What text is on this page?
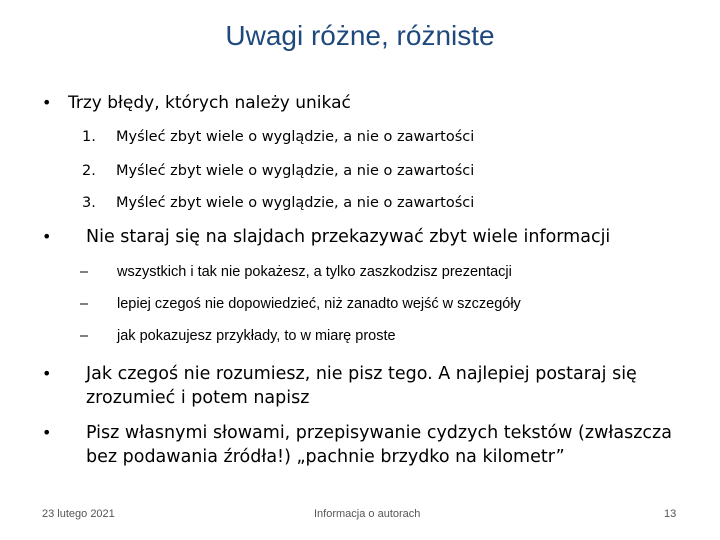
Uwagi różne, różniste
• Trzy błędy, których należy unikać
1. Myśleć zbyt wiele o wyglądzie, a nie o zawartości
2. Myśleć zbyt wiele o wyglądzie, a nie o zawartości
3. Myśleć zbyt wiele o wyglądzie, a nie o zawartości
• Nie staraj się na slajdach przekazywać zbyt wiele informacji
– wszystkich i tak nie pokażesz, a tylko zaszkodzisz prezentacji
– lepiej czegoś nie dopowiedzieć, niż zanadto wejść w szczegóły
– jak pokazujesz przykłady, to w miarę proste
• Jak czegoś nie rozumiesz, nie pisz tego. A najlepiej postaraj się
zrozumieć i potem napisz
• Pisz własnymi słowami, przepisywanie cydzych tekstów (zwłaszcza
bez podawania źródła!) „pachnie brzydko na kilometr”
23 lutego 2021	Informacja o autorach	13
